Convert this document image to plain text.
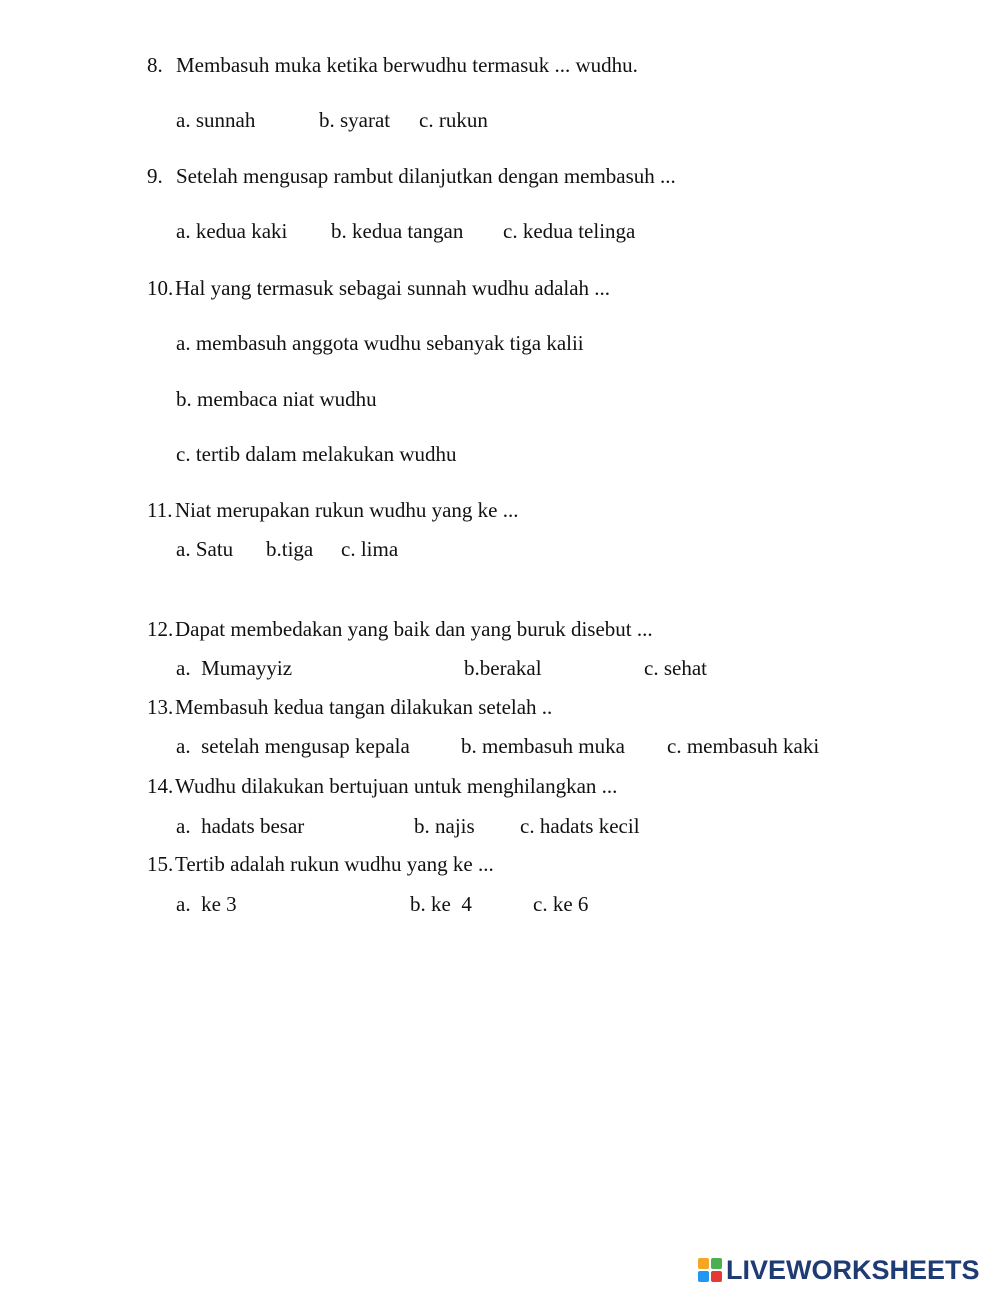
8. Membasuh muka ketika berwudhu termasuk ... wudhu.
a. sunnah	b. syarat c. rukun
9. Setelah mengusap rambut dilanjutkan dengan membasuh ...
a. kedua kaki b. kedua tangan c. kedua telinga
10. Hal yang termasuk sebagai sunnah wudhu adalah ...
a. membasuh anggota wudhu sebanyak tiga kalii
b. membaca niat wudhu
c. tertib dalam melakukan wudhu
11. Niat merupakan rukun wudhu yang ke ...
a. Satu b.tiga c. lima
12. Dapat membedakan yang baik dan yang buruk disebut ...
a.  Mumayyiz	b.berakal	c. sehat
13. Membasuh kedua tangan dilakukan setelah ..
a.  setelah mengusap kepala b. membasuh muka c. membasuh kaki
14. Wudhu dilakukan bertujuan untuk menghilangkan ...
a.  hadats besar	b. najis c. hadats kecil
15. Tertib adalah rukun wudhu yang ke ...
a.  ke 3	b. ke  4	c. ke 6
LIVEWORKSHEETS
